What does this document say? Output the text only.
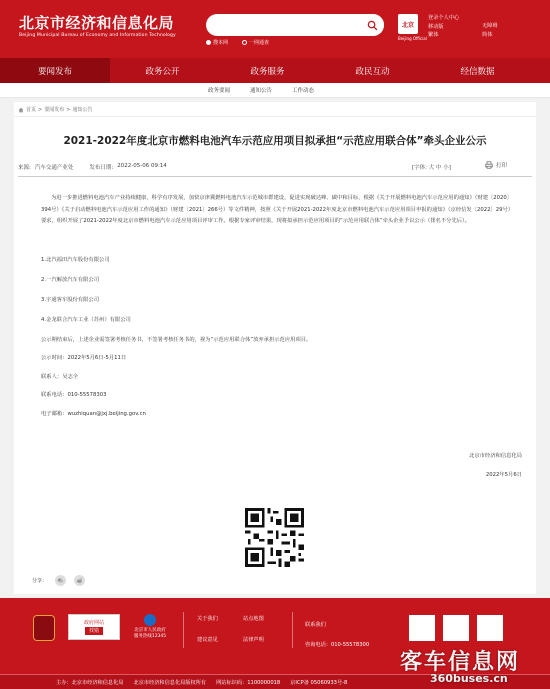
北京市经济和信息化局
Beijing Municipal Bureau of Economy and Information Technology
搜本网	一网通查
北京
Beijing Official
登录个人中心
移动版
繁体
无障碍
简体
要闻发布	政务公开	政务服务	政民互动	经信数据
政务要闻	通知公告	工作动态
首页 > 要闻发布 > 通知公告
2021-2022年度北京市燃料电池汽车示范应用项目拟承担“示范应用联合体”牵头企业公示
来源: 汽车交通产业处	发布日期: 2022-05-06 09:14	[字体: 大 中 小]	打印

为进一步推进燃料电池汽车产业持续健康，科学有序发展，加快京津冀燃料电池汽车示范城市群建设，促进实现破达峰、碳中和目标，根据《关于开展燃料电池汽车示范应用的通知》（财建〔2020〕394号）《关于启动燃料电池汽车示范应用工作的通知》（财建〔2021〕266号）等文件精神，按照《关于开展2021-2022年度北京市燃料电池汽车示范应用项目申报的通知》（京经信发〔2022〕29号）要求，组织开展了2021-2022年度北京市燃料电池汽车示范应用项目评审工作。根据专家评审结果，现将拟承担示范应用项目的“示范应用联合体”牵头企业予以公示（排名不分先后）。

1.北汽福田汽车股份有限公司
2.一汽解放汽车有限公司
3.宇通客车股份有限公司
4.金龙联合汽车工业（苏州）有限公司
公示期结束后，上述企业需签署考核任务书，不签署考核任务书的，视为“示范应用联合体”放弃承担示范应用项目。
公示时间：2022年5月6日-5月11日
联系人：吴志全
联系电话：010-55578303
电子邮箱：wuzhiquan@jxj.beijing.gov.cn
北京市经济和信息化局
2022年5月6日
分享：
政府网站
找错	北京市人民政府
服务热线12345
关于我们	站点地图
建议意见	法律声明
联系我们
咨询电话：010-55578300
主办：北京市经济和信息化局 北京市经济和信息化局版权所有 网站标识码：1100000018 京ICP备 05060933号-8
客车信息网
360buses.cn
